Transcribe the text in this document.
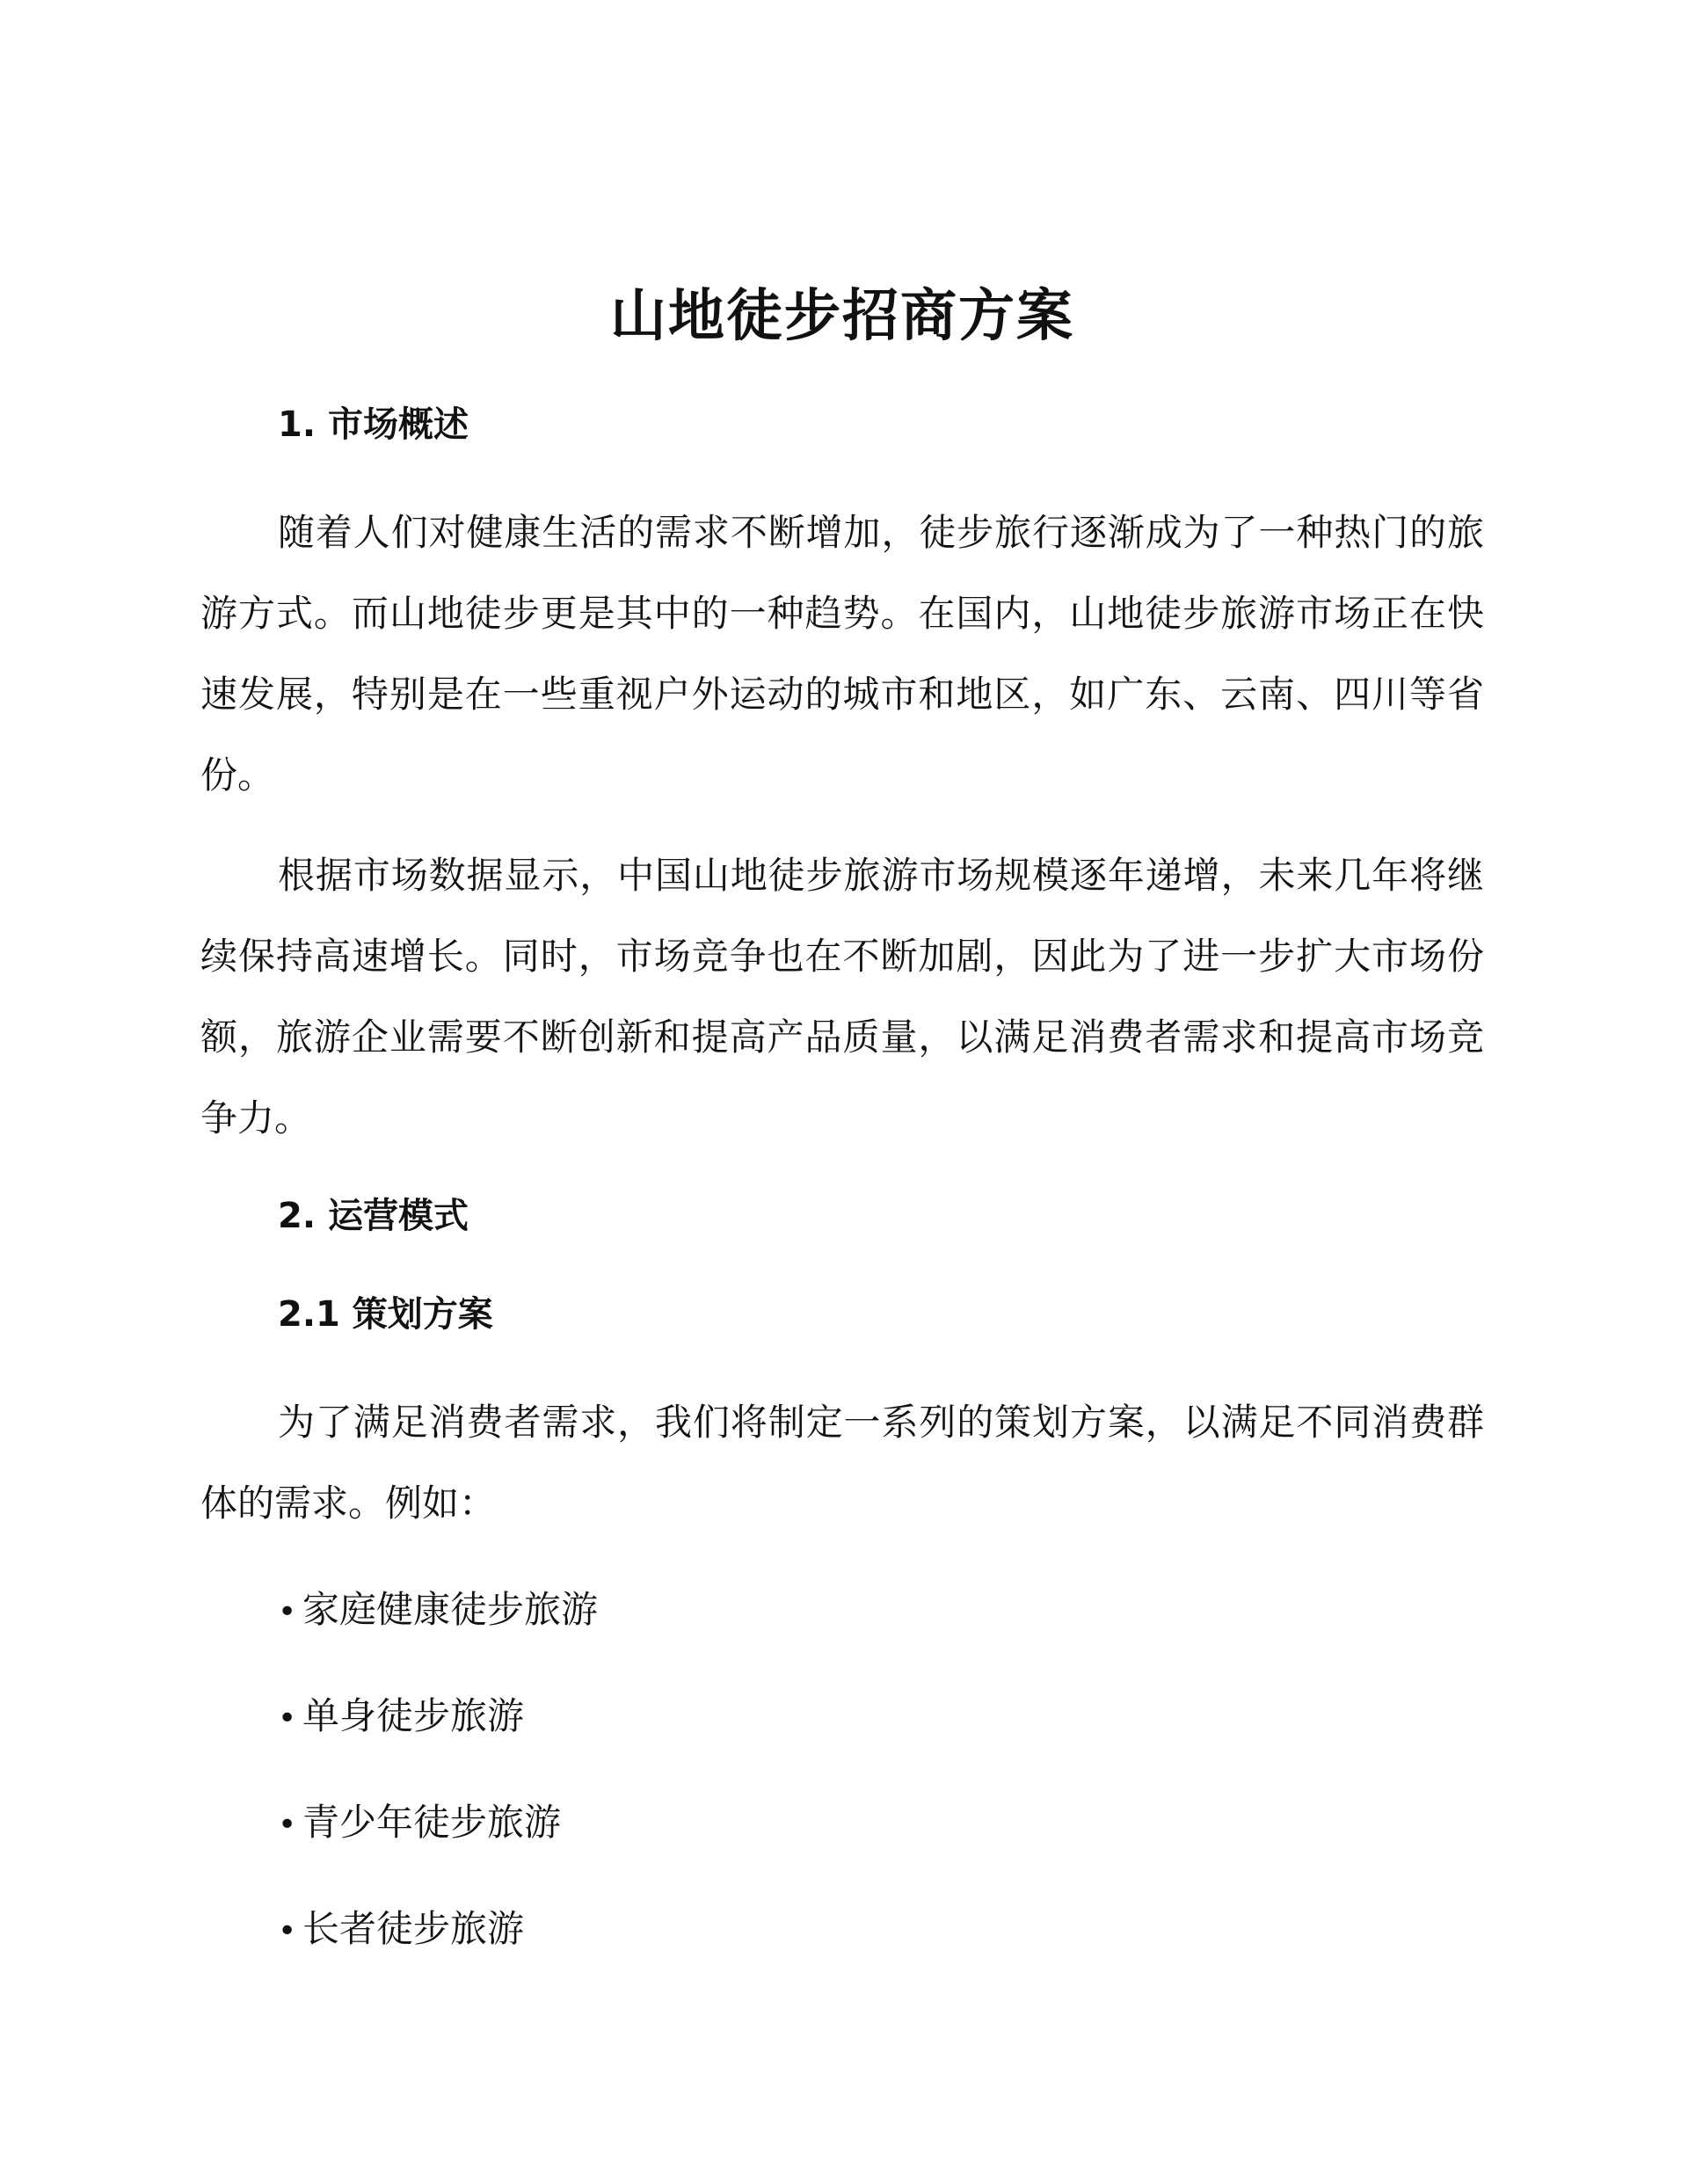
山地徒步招商方案
1. 市场概述

随着人们对健康生活的需求不断增加，徒步旅行逐渐成为了一种热门的旅游方式。而山地徒步更是其中的一种趋势。在国内，山地徒步旅游市场正在快速发展，特别是在一些重视户外运动的城市和地区，如广东、云南、四川等省份。

根据市场数据显示，中国山地徒步旅游市场规模逐年递增，未来几年将继续保持高速增长。同时，市场竞争也在不断加剧，因此为了进一步扩大市场份额，旅游企业需要不断创新和提高产品质量，以满足消费者需求和提高市场竞争力。

2. 运营模式
2.1 策划方案

为了满足消费者需求，我们将制定一系列的策划方案，以满足不同消费群体的需求。例如：

• 家庭健康徒步旅游
• 单身徒步旅游
• 青少年徒步旅游
• 长者徒步旅游
